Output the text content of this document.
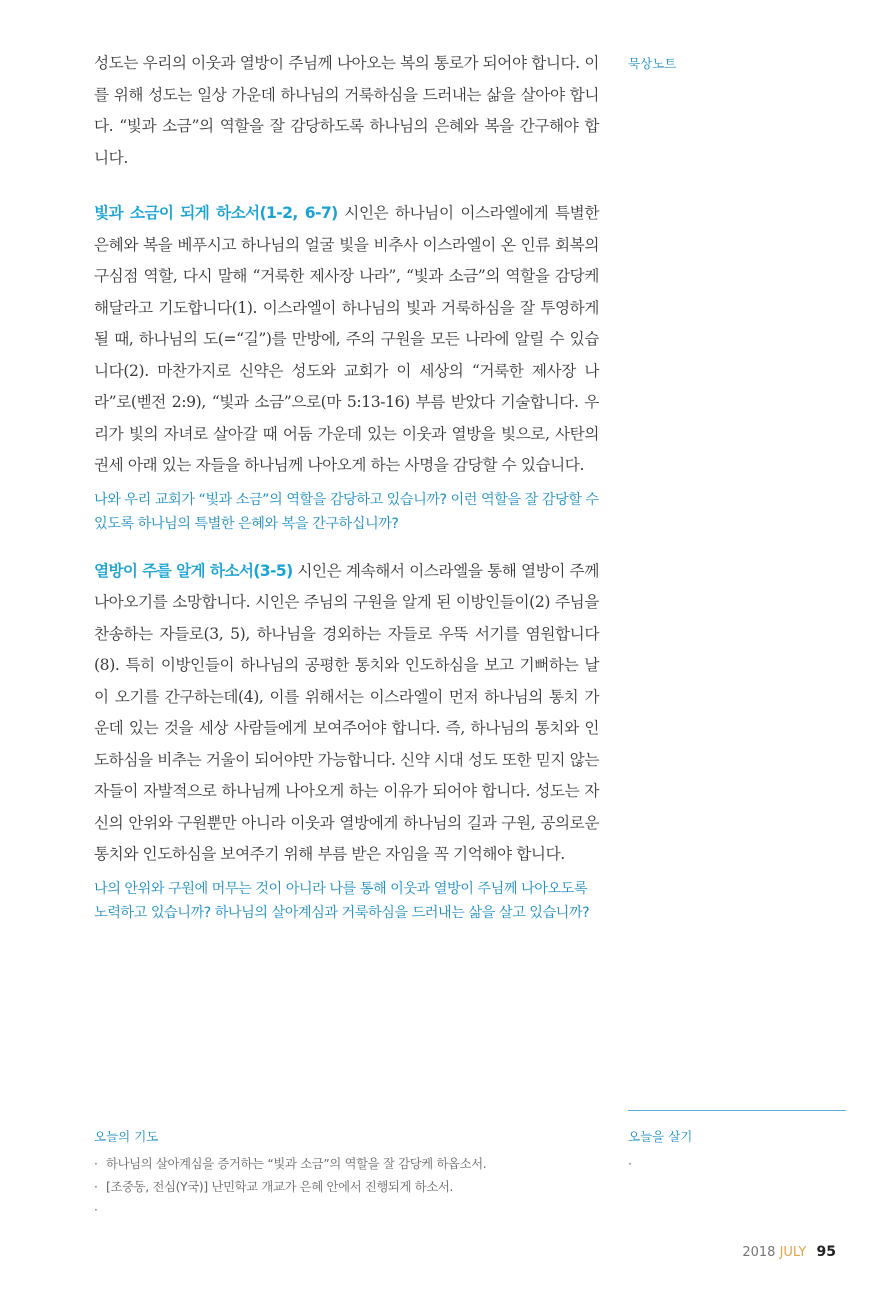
성도는 우리의 이웃과 열방이 주님께 나아오는 복의 통로가 되어야 합니다. 이를 위해 성도는 일상 가운데 하나님의 거룩하심을 드러내는 삶을 살아야 합니다. “빛과 소금”의 역할을 잘 감당하도록 하나님의 은혜와 복을 간구해야 합니다.

빛과 소금이 되게 하소서(1-2, 6-7) 시인은 하나님이 이스라엘에게 특별한 은혜와 복을 베푸시고 하나님의 얼굴 빛을 비추사 이스라엘이 온 인류 회복의 구심점 역할, 다시 말해 “거룩한 제사장 나라”, “빛과 소금”의 역할을 감당케 해달라고 기도합니다(1). 이스라엘이 하나님의 빛과 거룩하심을 잘 투영하게 될 때, 하나님의 도(=“길”)를 만방에, 주의 구원을 모든 나라에 알릴 수 있습니다(2). 마찬가지로 신약은 성도와 교회가 이 세상의 “거룩한 제사장 나라”로(벧전 2:9), “빛과 소금”으로(마 5:13-16) 부름 받았다 기술합니다. 우리가 빛의 자녀로 살아갈 때 어둠 가운데 있는 이웃과 열방을 빛으로, 사탄의 권세 아래 있는 자들을 하나님께 나아오게 하는 사명을 감당할 수 있습니다.

나와 우리 교회가 “빛과 소금”의 역할을 감당하고 있습니까? 이런 역할을 잘 감당할 수 있도록 하나님의 특별한 은혜와 복을 간구하십니까?

열방이 주를 알게 하소서(3-5) 시인은 계속해서 이스라엘을 통해 열방이 주께 나아오기를 소망합니다. 시인은 주님의 구원을 알게 된 이방인들이(2) 주님을 찬송하는 자들로(3, 5), 하나님을 경외하는 자들로 우뚝 서기를 염원합니다(8). 특히 이방인들이 하나님의 공평한 통치와 인도하심을 보고 기뻐하는 날이 오기를 간구하는데(4), 이를 위해서는 이스라엘이 먼저 하나님의 통치 가운데 있는 것을 세상 사람들에게 보여주어야 합니다. 즉, 하나님의 통치와 인도하심을 비추는 거울이 되어야만 가능합니다. 신약 시대 성도 또한 믿지 않는 자들이 자발적으로 하나님께 나아오게 하는 이유가 되어야 합니다. 성도는 자신의 안위와 구원뿐만 아니라 이웃과 열방에게 하나님의 길과 구원, 공의로운 통치와 인도하심을 보여주기 위해 부름 받은 자임을 꼭 기억해야 합니다.

나의 안위와 구원에 머무는 것이 아니라 나를 통해 이웃과 열방이 주님께 나아오도록 노력하고 있습니까? 하나님의 살아계심과 거룩하심을 드러내는 삶을 살고 있습니까?

묵상노트

오늘의 기도

· 하나님의 살아계심을 증거하는 “빛과 소금”의 역할을 잘 감당케 하옵소서.

· [조중동, 전심(Y국)] 난민학교 개교가 은혜 안에서 진행되게 하소서.

·

오늘을 살기

·

2018 JULY 95
